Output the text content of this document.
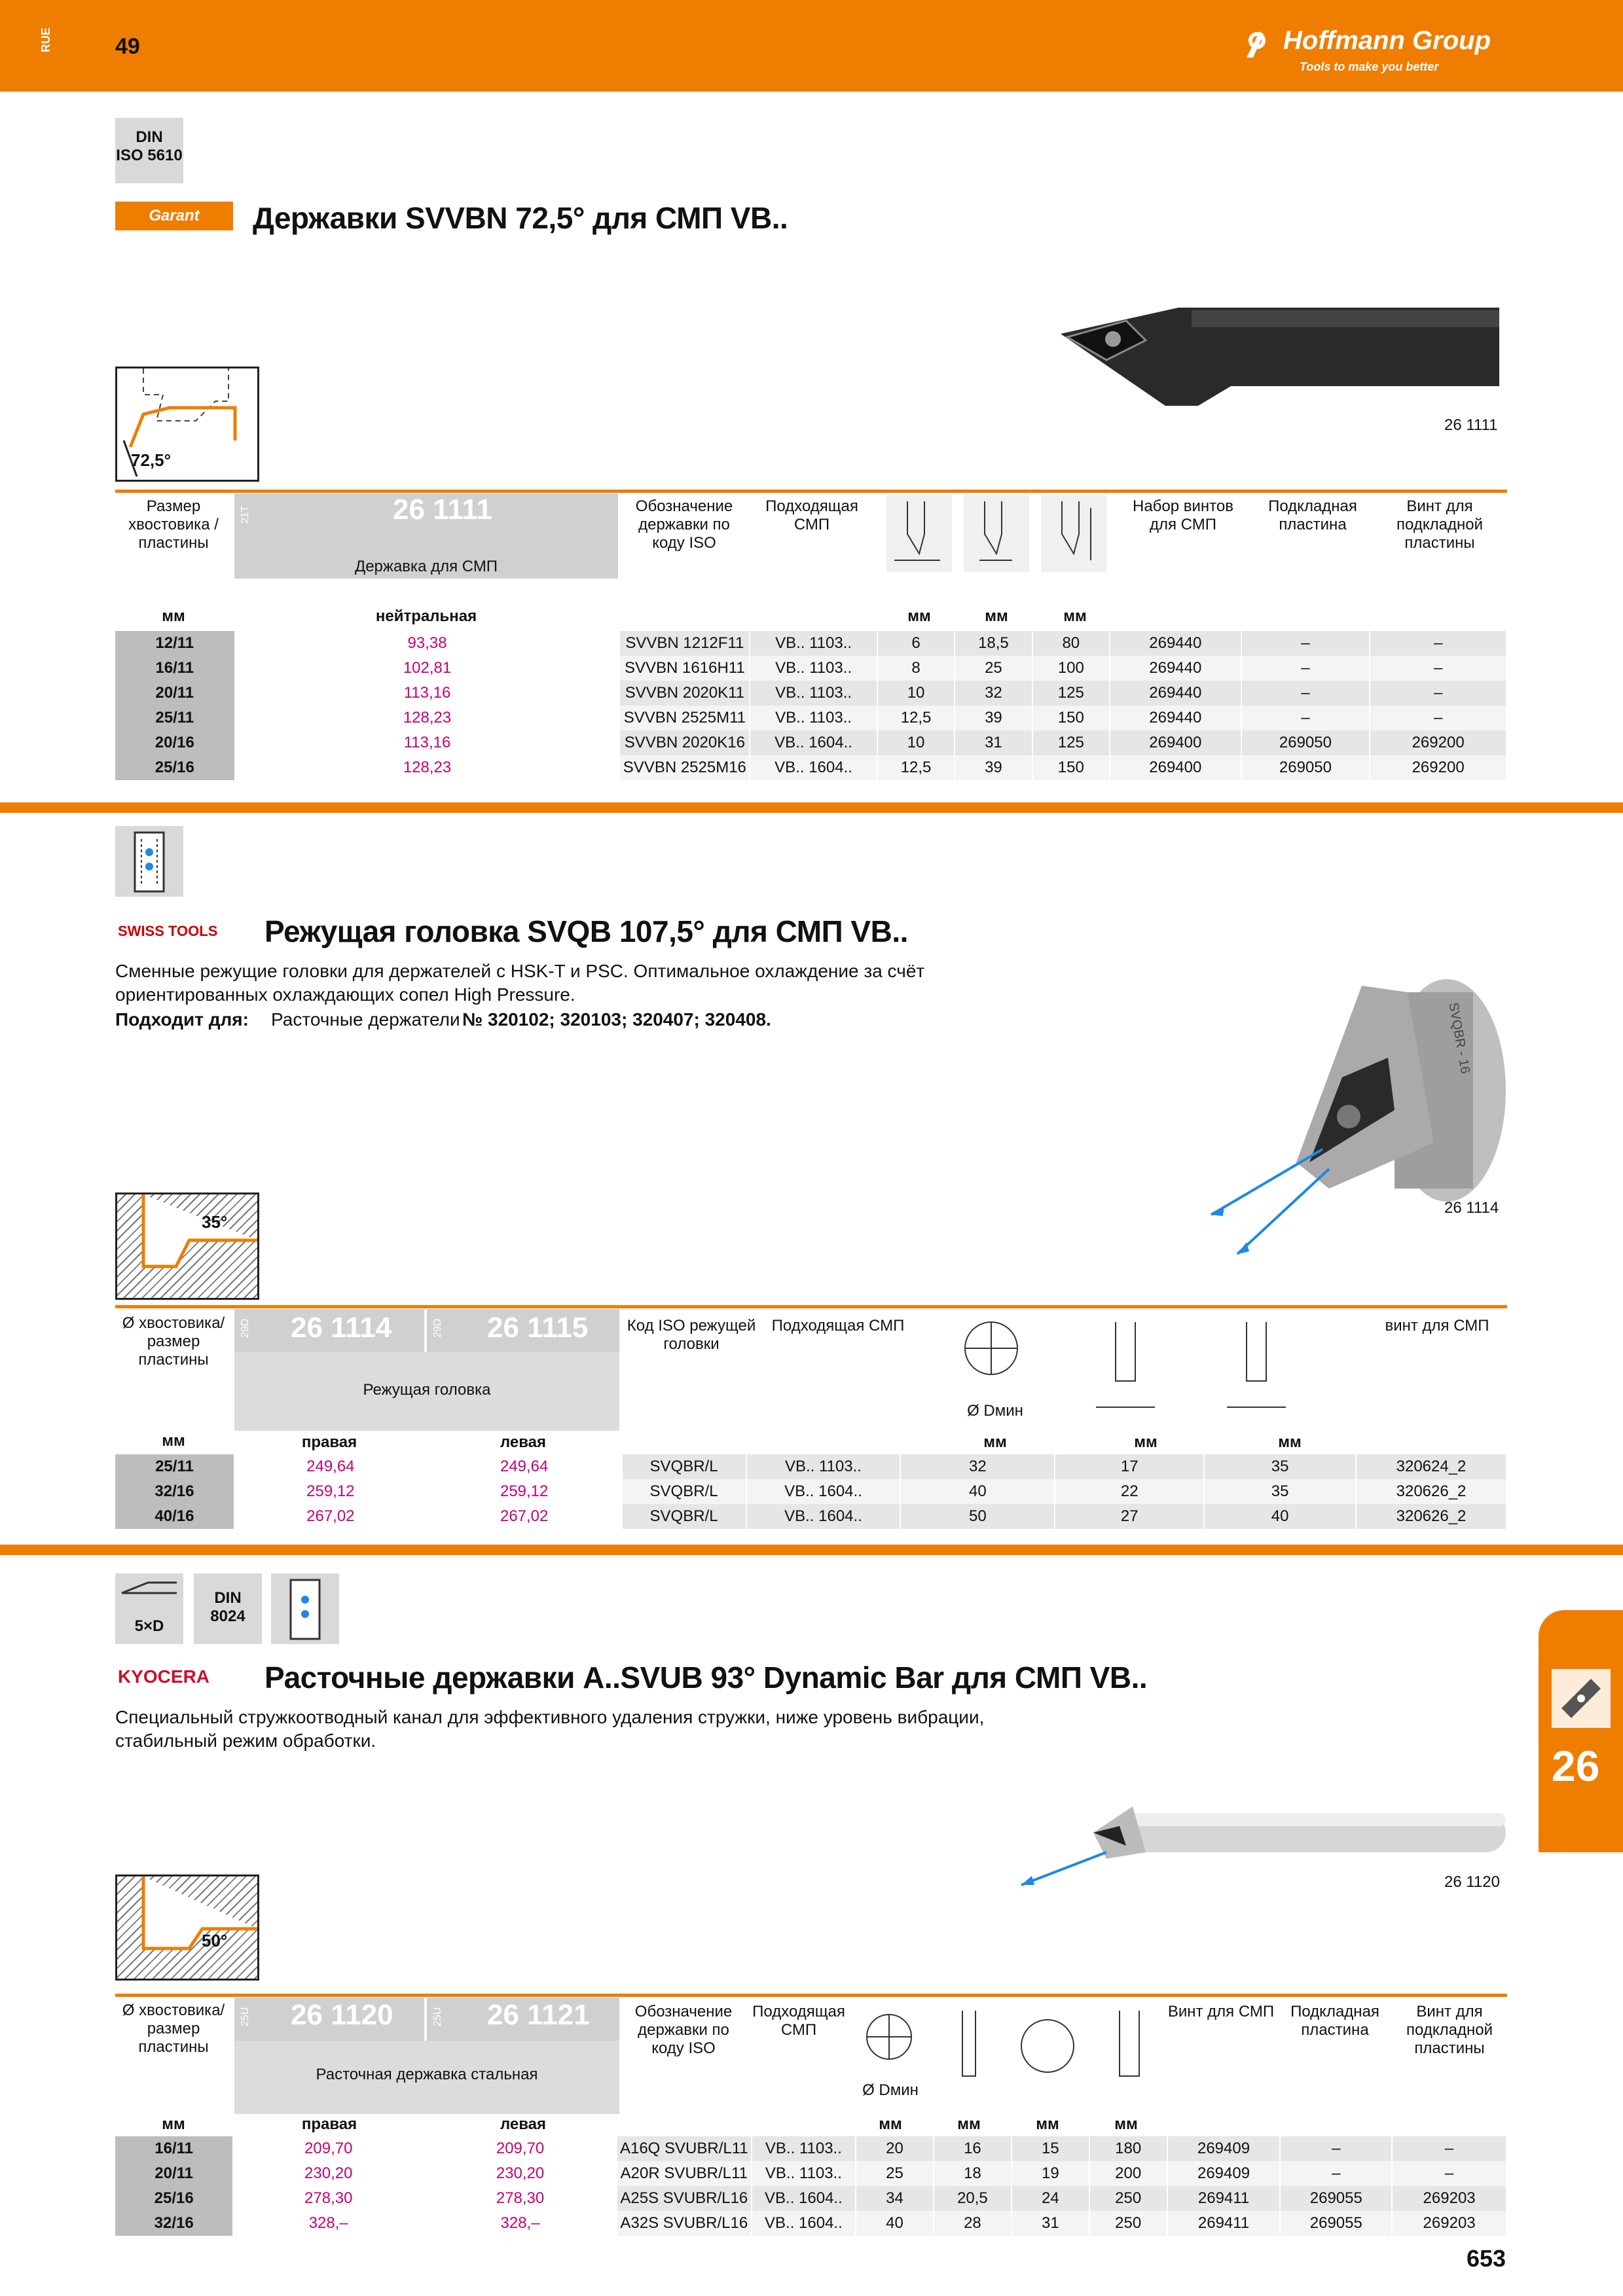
RUE	49	Hoffmann Group
Tools to make you better
DIN
ISO 5610
Garant	Державки SVVBN 72,5° для СМП VB..
72,5°
26 1111
Размер хвостовика / пластины
мм
21T	26 1111
Державка для СМП
нейтральная
Обозначение державки по коду ISO
Подходящая СМП
мм	мм	мм
Набор винтов для СМП
Подкладная пластина
Винт для подкладной пластины
12/11	93,38	SVVBN 1212F11	VB.. 1103..	6	18,5	80	269440	–	–
16/11	102,81	SVVBN 1616H11	VB.. 1103..	8	25	100	269440	–	–
20/11	113,16	SVVBN 2020K11	VB.. 1103..	10	32	125	269440	–	–
25/11	128,23	SVVBN 2525M11	VB.. 1103..	12,5	39	150	269440	–	–
20/16	113,16	SVVBN 2020K16	VB.. 1604..	10	31	125	269400	269050	269200
25/16	128,23	SVVBN 2525M16	VB.. 1604..	12,5	39	150	269400	269050	269200
SWISS TOOLS Режущая головка SVQB 107,5° для СМП VB..
Сменные режущие головки для держателей с HSK-T и PSC. Оптимальное охлаждение за счёт
ориентированных охлаждающих сопел High Pressure.
Подходит для: Расточные держатели № 320102; 320103; 320407; 320408.	SVQBR - 16
26 1114
35°
Ø хвостовика/ размер пластины
мм
29D 26 1114	29D 26 1115
Режущая головка
правая	левая
Код ISO режущей головки
Подходящая СМП
Ø Dмин
мм	мм	мм
винт для СМП
25/11	249,64	249,64	SVQBR/L	VB.. 1103..	32	17	35	320624_2
32/16	259,12	259,12	SVQBR/L	VB.. 1604..	40	22	35	320626_2
40/16	267,02	267,02	SVQBR/L	VB.. 1604..	50	27	40	320626_2
5×D
DIN
8024
KYOCERA Расточные державки A..SVUB 93° Dynamic Bar для СМП VB..
Специальный стружкоотводный канал для эффективного удаления стружки, ниже уровень вибрации,
стабильный режим обработки.
26
26 1120
50°
Ø хвостовика/ размер пластины
мм
25U 26 1120	25U 26 1121
Расточная державка стальная
правая	левая
Обозначение державки по коду ISO
Подходящая СМП
Ø Dмин
мм	мм	мм	мм
Винт для СМП	Подкладная пластина
Винт для подкладной пластины
16/11	209,70	209,70	A16Q SVUBR/L11	VB.. 1103..	20	16	15	180	269409	–	–
20/11	230,20	230,20	A20R SVUBR/L11	VB.. 1103..	25	18	19	200	269409	–	–
25/16	278,30	278,30	A25S SVUBR/L16	VB.. 1604..	34	20,5	24	250	269411	269055	269203
32/16	328,–	328,–	A32S SVUBR/L16	VB.. 1604..	40	28	31	250	269411	269055	269203
653
